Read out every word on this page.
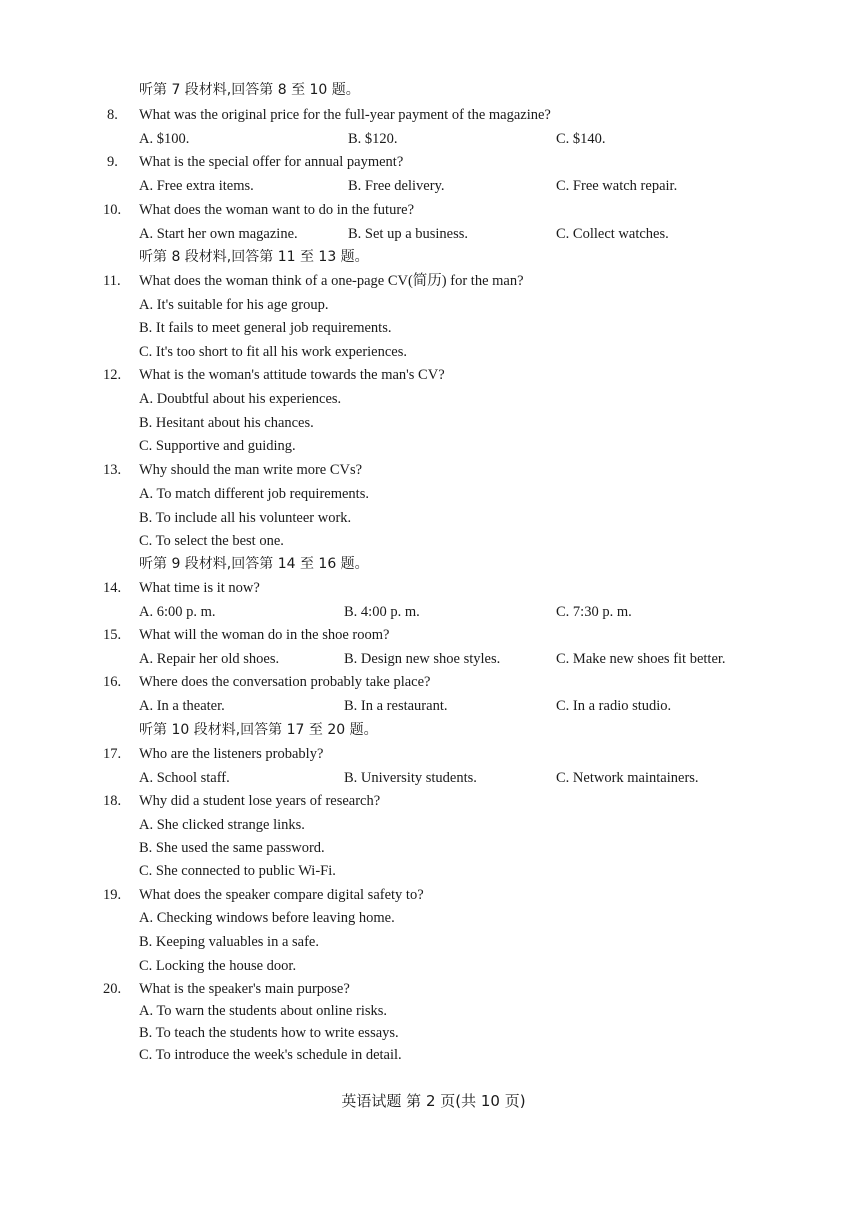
听第 7 段材料,回答第 8 至 10 题。
8. What was the original price for the full-year payment of the magazine?
A. $100.	B. $120.	C. $140.
9. What is the special offer for annual payment?
A. Free extra items.	B. Free delivery.	C. Free watch repair.
10. What does the woman want to do in the future?
A. Start her own magazine.	B. Set up a business.	C. Collect watches.
听第 8 段材料,回答第 11 至 13 题。
11. What does the woman think of a one-page CV(简历) for the man?
A. It's suitable for his age group.
B. It fails to meet general job requirements.
C. It's too short to fit all his work experiences.
12. What is the woman's attitude towards the man's CV?
A. Doubtful about his experiences.
B. Hesitant about his chances.
C. Supportive and guiding.
13. Why should the man write more CVs?
A. To match different job requirements.
B. To include all his volunteer work.
C. To select the best one.
听第 9 段材料,回答第 14 至 16 题。
14. What time is it now?
A. 6:00 p. m.	B. 4:00 p. m.	C. 7:30 p. m.
15. What will the woman do in the shoe room?
A. Repair her old shoes.	B. Design new shoe styles.	C. Make new shoes fit better.
16. Where does the conversation probably take place?
A. In a theater.	B. In a restaurant.	C. In a radio studio.
听第 10 段材料,回答第 17 至 20 题。
17. Who are the listeners probably?
A. School staff.	B. University students.	C. Network maintainers.
18. Why did a student lose years of research?
A. She clicked strange links.
B. She used the same password.
C. She connected to public Wi-Fi.
19. What does the speaker compare digital safety to?
A. Checking windows before leaving home.
B. Keeping valuables in a safe.
C. Locking the house door.
20. What is the speaker's main purpose?
A. To warn the students about online risks.
B. To teach the students how to write essays.
C. To introduce the week's schedule in detail.
英语试题 第 2 页(共 10 页)
